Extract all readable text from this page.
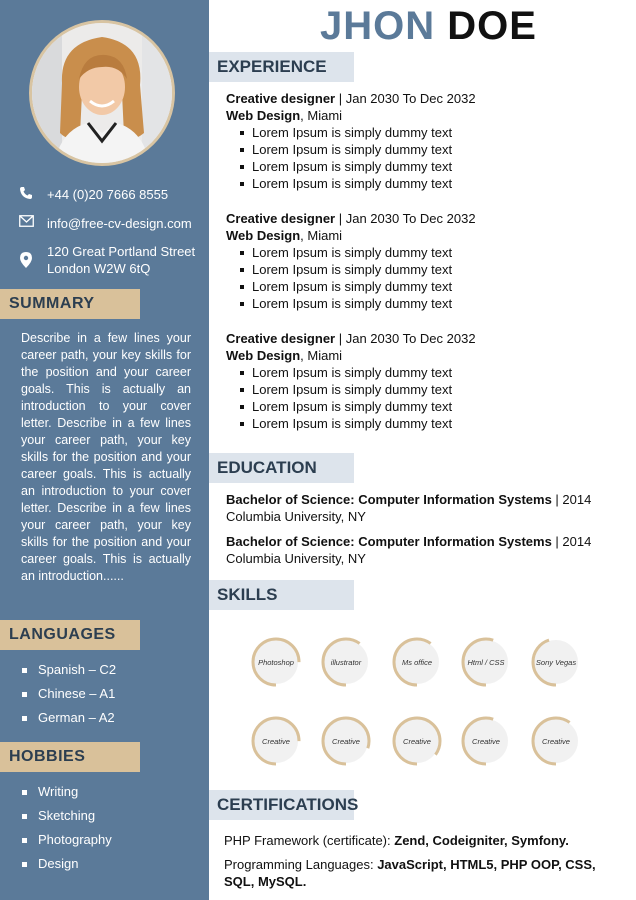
+44 (0)20 7666 8555
info@free-cv-design.com
120 Great Portland Street
London W2W 6tQ
SUMMARY
Describe in a few lines your career path, your key skills for the position and your career goals. This is actually an introduction to your cover letter. Describe in a few lines your career path, your key skills for the position and your career goals. This is actually an introduction to your cover letter. Describe in a few lines your career path, your key skills for the position and your career goals. This is actually an introduction......
LANGUAGES
Spanish – C2
Chinese – A1
German – A2
HOBBIES
Writing
Sketching
Photography
Design
JHON DOE
EXPERIENCE
Creative designer | Jan 2030 To Dec 2032
Web Design, Miami
Lorem Ipsum is simply dummy text
Lorem Ipsum is simply dummy text
Lorem Ipsum is simply dummy text
Lorem Ipsum is simply dummy text
Creative designer | Jan 2030 To Dec 2032
Web Design, Miami
Lorem Ipsum is simply dummy text
Lorem Ipsum is simply dummy text
Lorem Ipsum is simply dummy text
Lorem Ipsum is simply dummy text
Creative designer | Jan 2030 To Dec 2032
Web Design, Miami
Lorem Ipsum is simply dummy text
Lorem Ipsum is simply dummy text
Lorem Ipsum is simply dummy text
Lorem Ipsum is simply dummy text
EDUCATION
Bachelor of Science: Computer Information Systems | 2014
Columbia University, NY
Bachelor of Science: Computer Information Systems | 2014
Columbia University, NY
SKILLS
Photoshop	illustrator	Ms office	Html / CSS	Sony Vegas
Creative	Creative	Creative	Creative	Creative
CERTIFICATIONS
PHP Framework (certificate): Zend, Codeigniter, Symfony.
Programming Languages: JavaScript, HTML5, PHP OOP, CSS, SQL, MySQL.
